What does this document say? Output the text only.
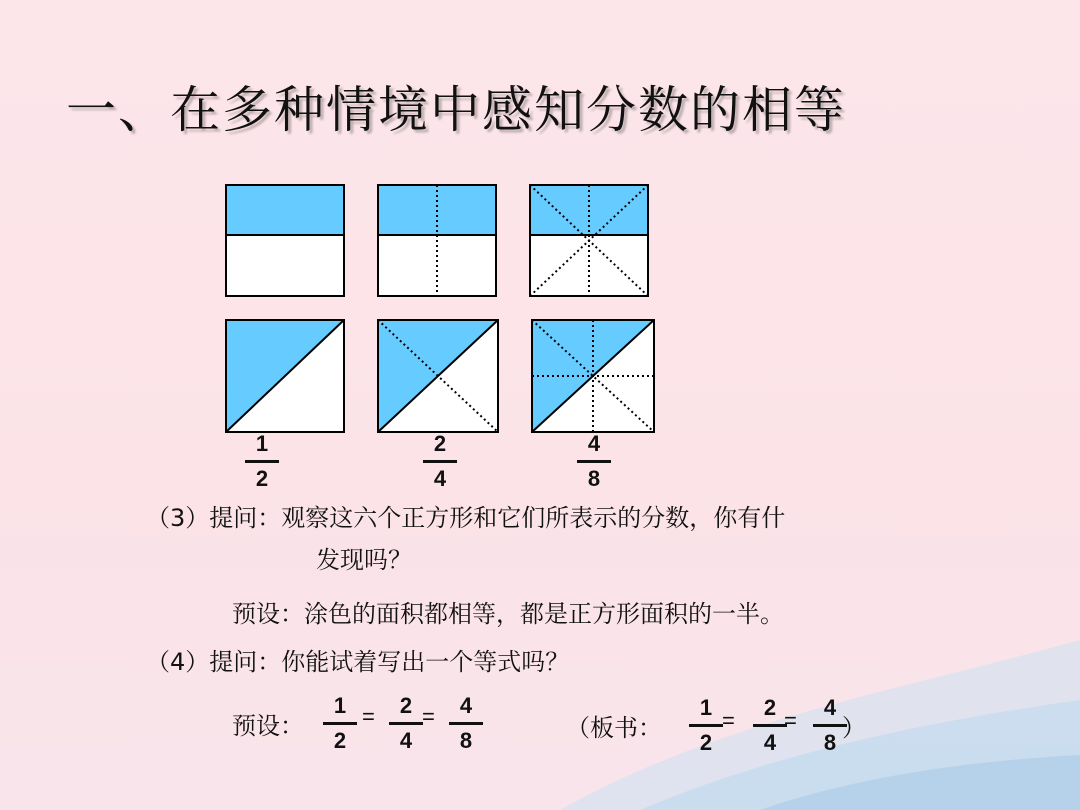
一、在多种情境中感知分数的相等
1
2
2
4
4
8
（3）提问：观察这六个正方形和它们所表示的分数，你有什
发现吗？
预设：涂色的面积都相等，都是正方形面积的一半。
（4）提问：你能试着写出一个等式吗？
预设：
1
2
=	2
4
=	4
8	（板书：
1
2
=
2
4
=
4
8
）
